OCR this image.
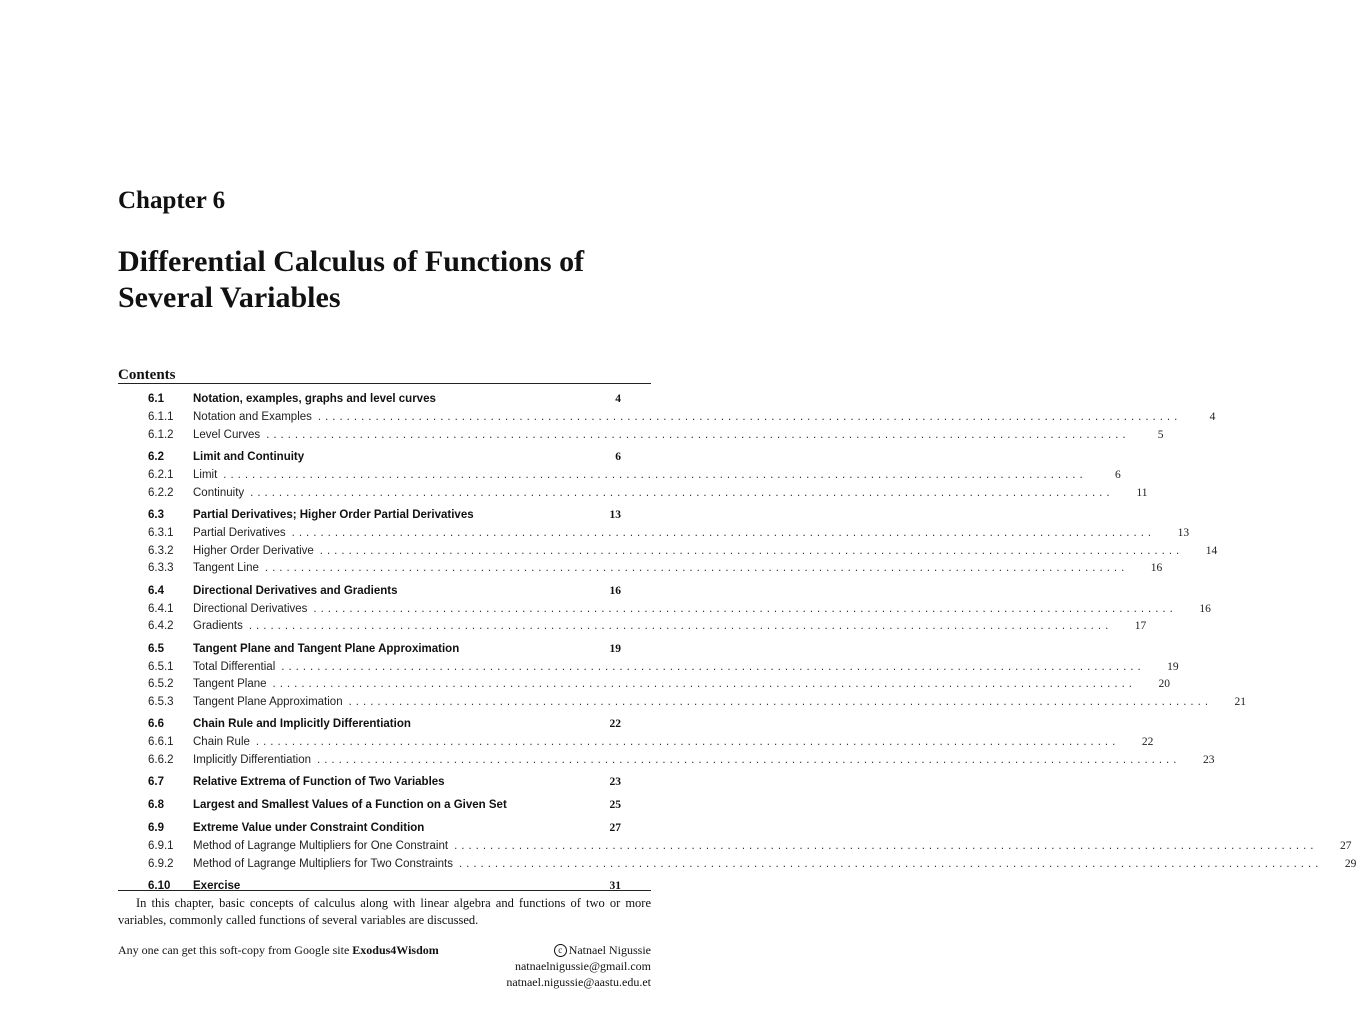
Chapter 6
Differential Calculus of Functions of Several Variables
Contents
6.1	Notation, examples, graphs and level curves	4
6.1.1	Notation and Examples ........................................................................................................................	4
6.1.2	Level Curves ........................................................................................................................	5
6.2	Limit and Continuity	6
6.2.1	Limit ........................................................................................................................	6
6.2.2	Continuity ........................................................................................................................	11
6.3	Partial Derivatives; Higher Order Partial Derivatives	13
6.3.1	Partial Derivatives ........................................................................................................................	13
6.3.2	Higher Order Derivative ........................................................................................................................	14
6.3.3	Tangent Line ........................................................................................................................	16
6.4	Directional Derivatives and Gradients	16
6.4.1	Directional Derivatives ........................................................................................................................	16
6.4.2	Gradients ........................................................................................................................	17
6.5	Tangent Plane and Tangent Plane Approximation	19
6.5.1	Total Differential ........................................................................................................................	19
6.5.2	Tangent Plane ........................................................................................................................	20
6.5.3	Tangent Plane Approximation ........................................................................................................................	21
6.6	Chain Rule and Implicitly Differentiation	22
6.6.1	Chain Rule ........................................................................................................................	22
6.6.2	Implicitly Differentiation ........................................................................................................................	23
6.7	Relative Extrema of Function of Two Variables	23
6.8	Largest and Smallest Values of a Function on a Given Set	25
6.9	Extreme Value under Constraint Condition	27
6.9.1	Method of Lagrange Multipliers for One Constraint ........................................................................................................................	27
6.9.2	Method of Lagrange Multipliers for Two Constraints ........................................................................................................................	29
6.10	Exercise	31
In this chapter, basic concepts of calculus along with linear algebra and functions of two or more variables, commonly called functions of several variables are discussed.
Any one can get this soft-copy from Google site Exodus4Wisdom	c Natnael Nigussie
natnaelnigussie@gmail.com
natnael.nigussie@aastu.edu.et
